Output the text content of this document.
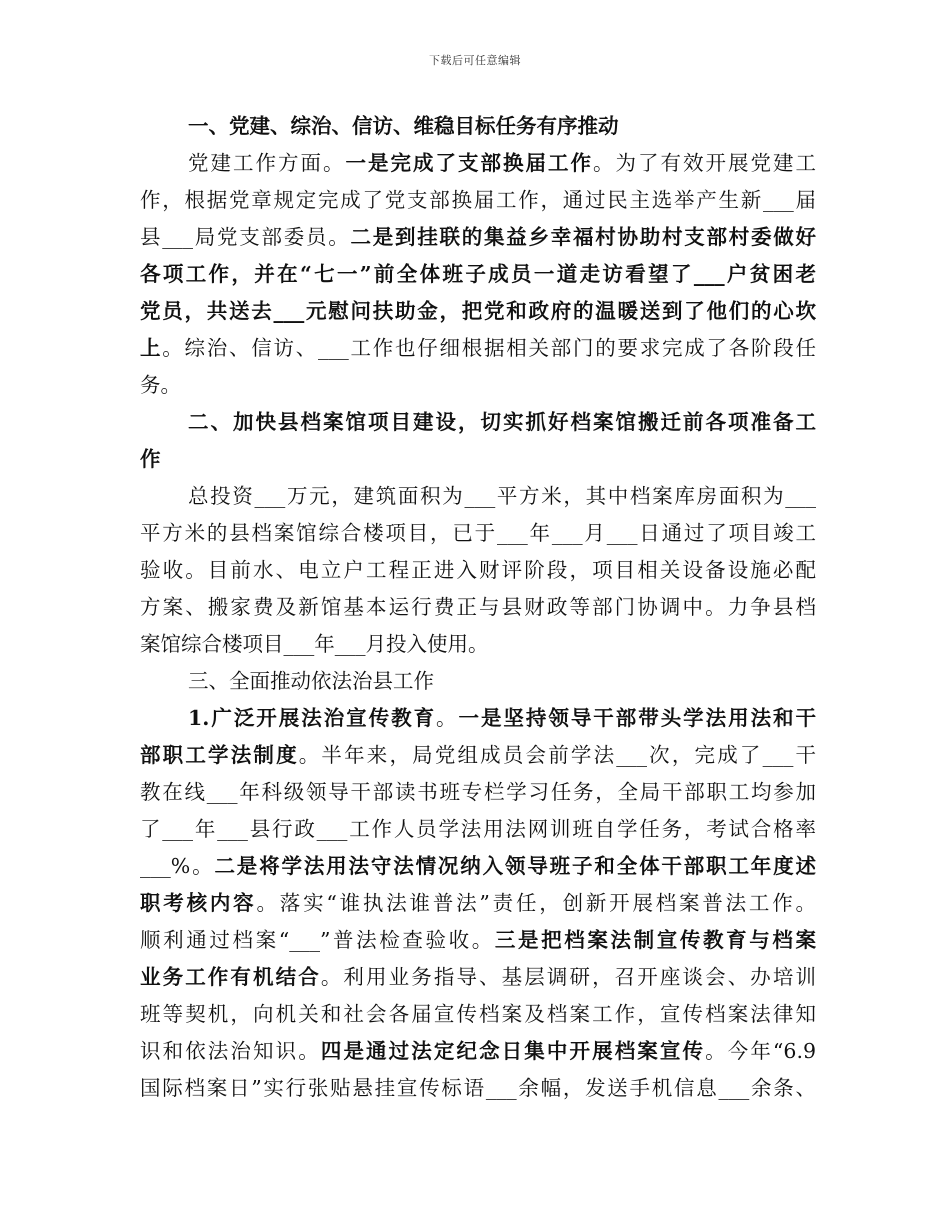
下载后可任意编辑
一、党建、综治、信访、维稳目标任务有序推动
党建工作方面。一是完成了支部换届工作。为了有效开展党建工
作，根据党章规定完成了党支部换届工作，通过民主选举产生新___届
县___局党支部委员。二是到挂联的集益乡幸福村协助村支部村委做好
各项工作，并在“七一”前全体班子成员一道走访看望了___户贫困老
党员，共送去___元慰问扶助金，把党和政府的温暖送到了他们的心坎
上。综治、信访、___工作也仔细根据相关部门的要求完成了各阶段任
务。
二、加快县档案馆项目建设，切实抓好档案馆搬迁前各项准备工
作
总投资___万元，建筑面积为___平方米，其中档案库房面积为___
平方米的县档案馆综合楼项目，已于___年___月___日通过了项目竣工
验收。目前水、电立户工程正进入财评阶段，项目相关设备设施必配
方案、搬家费及新馆基本运行费正与县财政等部门协调中。力争县档
案馆综合楼项目___年___月投入使用。
三、全面推动依法治县工作
1.广泛开展法治宣传教育。一是坚持领导干部带头学法用法和干
部职工学法制度。半年来，局党组成员会前学法___次，完成了___干
教在线___年科级领导干部读书班专栏学习任务，全局干部职工均参加
了___年___县行政___工作人员学法用法网训班自学任务，考试合格率
___%。二是将学法用法守法情况纳入领导班子和全体干部职工年度述
职考核内容。落实“谁执法谁普法”责任，创新开展档案普法工作。
顺利通过档案“___”普法检查验收。三是把档案法制宣传教育与档案
业务工作有机结合。利用业务指导、基层调研，召开座谈会、办培训
班等契机，向机关和社会各届宣传档案及档案工作，宣传档案法律知
识和依法治知识。四是通过法定纪念日集中开展档案宣传。今年“6.9
国际档案日”实行张贴悬挂宣传标语___余幅，发送手机信息___余条、
